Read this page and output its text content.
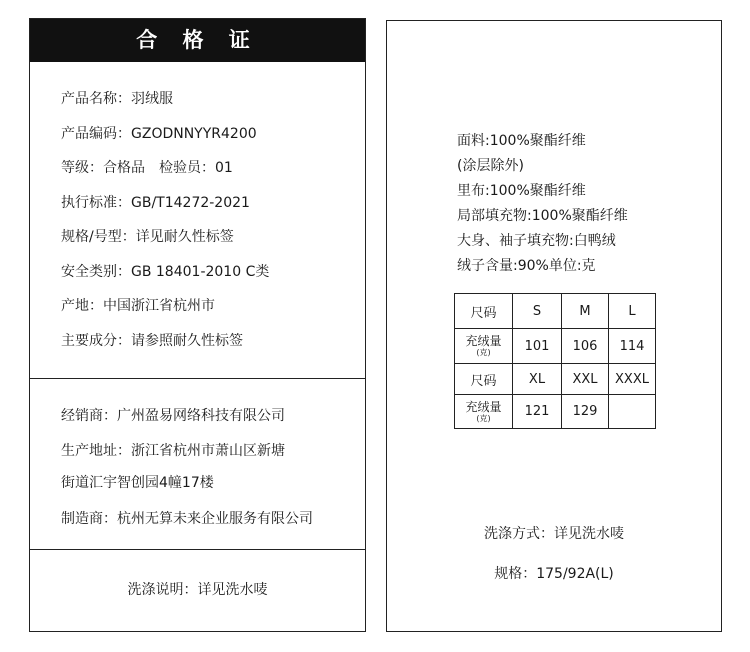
合 格 证
产品名称：羽绒服
产品编码：GZODNNYYR4200
等级：合格品　检验员：01
执行标准：GB/T14272-2021
规格/号型：详见耐久性标签
安全类别：GB 18401-2010 C类
产地：中国浙江省杭州市
主要成分：请参照耐久性标签
经销商：广州盈易网络科技有限公司
生产地址：浙江省杭州市萧山区新塘
街道汇宇智创园4幢17楼
制造商：杭州无算未来企业服务有限公司
洗涤说明：详见洗水唛
面料:100%聚酯纤维
(涂层除外)
里布:100%聚酯纤维
局部填充物:100%聚酯纤维
大身、袖子填充物:白鸭绒
绒子含量:90%单位:克
尺码	S	M	L

充绒量
(克)	101	106	114
尺码	XL	XXL	XXXL

充绒量
(克)	121	129	
洗涤方式：详见洗水唛
规格：175/92A(L)
